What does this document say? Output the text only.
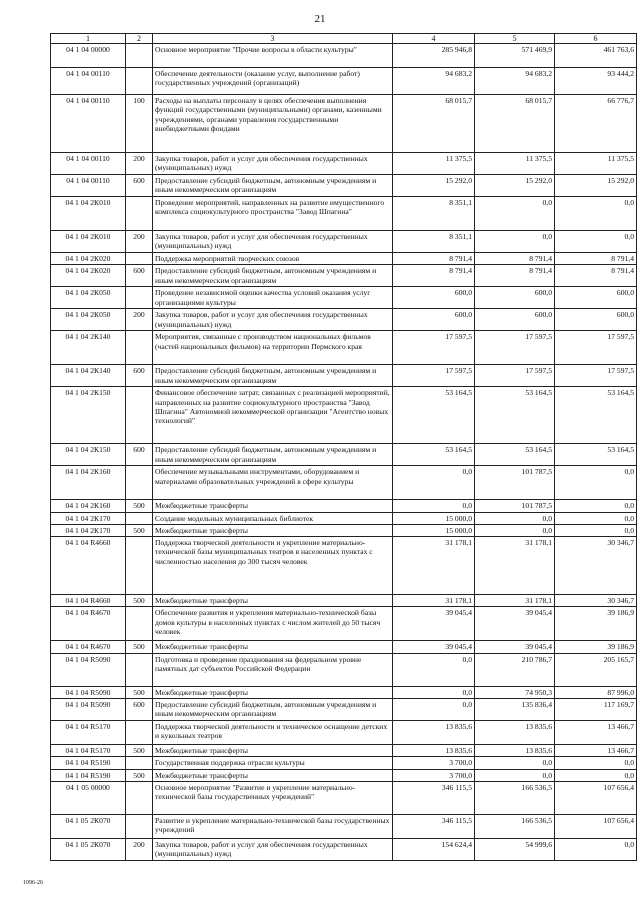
21
1	2	3	4	5	6
04 1 04 00000		Основное мероприятие "Прочие вопросы в области культуры"	285 946,8	571 469,9	461 763,6
04 1 04 00110		Обеспечение деятельности (оказание услуг, выполнение работ) государственных учреждений (организаций)	94 683,2	94 683,2	93 444,2
04 1 04 00110	100	Расходы на выплаты персоналу в целях обеспечения выполнения функций государственными (муниципальными) органами, казенными учреждениями, органами управления государственными внебюджетными фондами	68 015,7	68 015,7	66 776,7
04 1 04 00110	200	Закупка товаров, работ и услуг для обеспечения государственных (муниципальных) нужд	11 375,5	11 375,5	11 375,5
04 1 04 00110	600	Предоставление субсидий бюджетным, автономным учреждениям и иным некоммерческим организациям	15 292,0	15 292,0	15 292,0
04 1 04 2К010		Проведение мероприятий, направленных на развитие имущественного комплекса социокультурного пространства "Завод Шпагина"	8 351,1	0,0	0,0
04 1 04 2К010	200	Закупка товаров, работ и услуг для обеспечения государственных (муниципальных) нужд	8 351,1	0,0	0,0
04 1 04 2К020		Поддержка мероприятий творческих союзов	8 791,4	8 791,4	8 791,4
04 1 04 2К020	600	Предоставление субсидий бюджетным, автономным учреждениям и иным некоммерческим организациям	8 791,4	8 791,4	8 791,4
04 1 04 2К050		Проведение независимой оценки качества условий оказания услуг организациями культуры	600,0	600,0	600,0
04 1 04 2К050	200	Закупка товаров, работ и услуг для обеспечения государственных (муниципальных) нужд	600,0	600,0	600,0
04 1 04 2К140		Мероприятия, связанные с производством национальных фильмов (частей национальных фильмов) на территории Пермского края	17 597,5	17 597,5	17 597,5
04 1 04 2К140	600	Предоставление субсидий бюджетным, автономным учреждениям и иным некоммерческим организациям	17 597,5	17 597,5	17 597,5
04 1 04 2К150		Финансовое обеспечение затрат, связанных с реализацией мероприятий, направленных на развитие социокультурного пространства "Завод Шпагина" Автономной некоммерческой организации "Агентство новых технологий"	53 164,5	53 164,5	53 164,5
04 1 04 2К150	600	Предоставление субсидий бюджетным, автономным учреждениям и иным некоммерческим организациям	53 164,5	53 164,5	53 164,5
04 1 04 2К160		Обеспечение музыкальными инструментами, оборудованием и материалами образовательных учреждений в сфере культуры	0,0	101 787,5	0,0
04 1 04 2К160	500	Межбюджетные трансферты	0,0	101 787,5	0,0
04 1 04 2К170		Создание модельных муниципальных библиотек	15 000,0	0,0	0,0
04 1 04 2К170	500	Межбюджетные трансферты	15 000,0	0,0	0,0
04 1 04 R4660		Поддержка творческой деятельности и укрепление материально-технической базы муниципальных театров в населенных пунктах с численностью населения до 300 тысяч человек	31 178,1	31 178,1	30 346,7
04 1 04 R4660	500	Межбюджетные трансферты	31 178,1	31 178,1	30 346,7
04 1 04 R4670		Обеспечение развития и укрепления материально-технической базы домов культуры в населенных пунктах с числом жителей до 50 тысяч человек	39 045,4	39 045,4	39 186,9
04 1 04 R4670	500	Межбюджетные трансферты	39 045,4	39 045,4	39 186,9
04 1 04 R5090		Подготовка и проведение празднования на федеральном уровне памятных дат субъектов Российской Федерации	0,0	210 786,7	205 165,7
04 1 04 R5090	500	Межбюджетные трансферты	0,0	74 950,3	87 996,0
04 1 04 R5090	600	Предоставление субсидий бюджетным, автономным учреждениям и иным некоммерческим организациям	0,0	135 836,4	117 169,7
04 1 04 R5170		Поддержка творческой деятельности и техническое оснащение детских и кукольных театров	13 835,6	13 835,6	13 466,7
04 1 04 R5170	500	Межбюджетные трансферты	13 835,6	13 835,6	13 466,7
04 1 04 R5190		Государственная поддержка отрасли культуры	3 700,0	0,0	0,0
04 1 04 R5190	500	Межбюджетные трансферты	3 700,0	0,0	0,0
04 1 05 00000		Основное мероприятие "Развитие и укрепление материально-технической базы государственных учреждений"	346 115,5	166 536,5	107 656,4
04 1 05 2К070		Развитие и укрепление материально-технической базы государственных учреждений	346 115,5	166 536,5	107 656,4
04 1 05 2К070	200	Закупка товаров, работ и услуг для обеспечения государственных (муниципальных) нужд	154 624,4	54 999,6	0,0
1096-26
